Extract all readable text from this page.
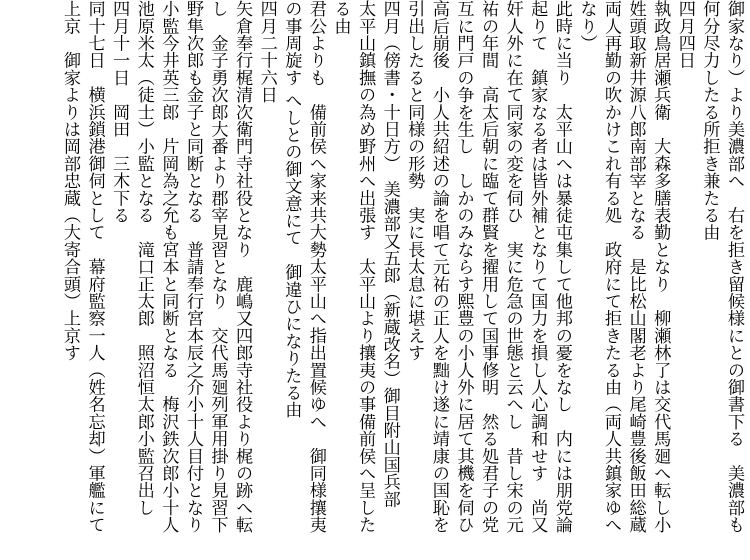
御家なり）より美濃部へ　右を拒き留候様にとの御書下る　美濃部も

何分尽力したる所拒き兼たる由

四月四日

執政鳥居瀬兵衛　大森多膳表勤となり　柳瀬林了は交代馬廻へ転し小

姓頭取新井源八郎南部宰となる　是比松山閣老より尾崎豊後飯田総蔵

両人再勤の吹かけこれ有る処　政府にて拒きたる由（両人共鎮家ゆへ

なり）

此時に当り　太平山へは暴徒屯集して他邦の憂をなし　内には朋党論

起りて　鎮家なる者は皆外補となりて国力を損し人心調和せす　尚又

奸人外に在て同家の変を伺ひ　実に危急の世態と云へし　昔し宋の元

祐の年間　高太后朝に臨て群賢を擢用して国事修明　然る処君子の党

互に門戸の争を生し　しかのみならす熙豊の小人外に居て其機を伺ひ

高后崩後　小人共紹述の論を唱て元祐の正人を黜け遂に靖康の国恥を

引出したると同様の形勢　実に長太息に堪えす

四月（傍書・十日方）　美濃部又五郎（新蔵改名）御目附山国兵部

太平山鎮撫の為め野州へ出張す　太平山より攘夷の事備前侯へ呈した

る由

君公よりも　備前侯へ家来共大勢太平山へ指出置候ゆへ　御同様攘夷

の事周旋す へしとの御文意にて　御違ひになりたる由

四月二十六日

矢倉奉行梶清次衛門寺社役となり　鹿嶋又四郎寺社役より梶の跡へ転

し　金子勇次郎大番より郡宰見習となり　交代馬廻列軍用掛り見習下

野隼次郎も金子と同断となる　普請奉行宮本辰之介小十人目付となり

小監今井英三郎　片岡為之允も宮本と同断となる　梅沢鉄次郎小十人

池原米太（徒士）小監となる　滝口正太郎　照沼恒太郎小監召出し

四月十一日　岡田　三木下る

同十七日　横浜鎖港御伺として　幕府監察一人（姓名忘却）軍艦にて

上京　御家よりは岡部忠蔵（大寄合頭）上京す
